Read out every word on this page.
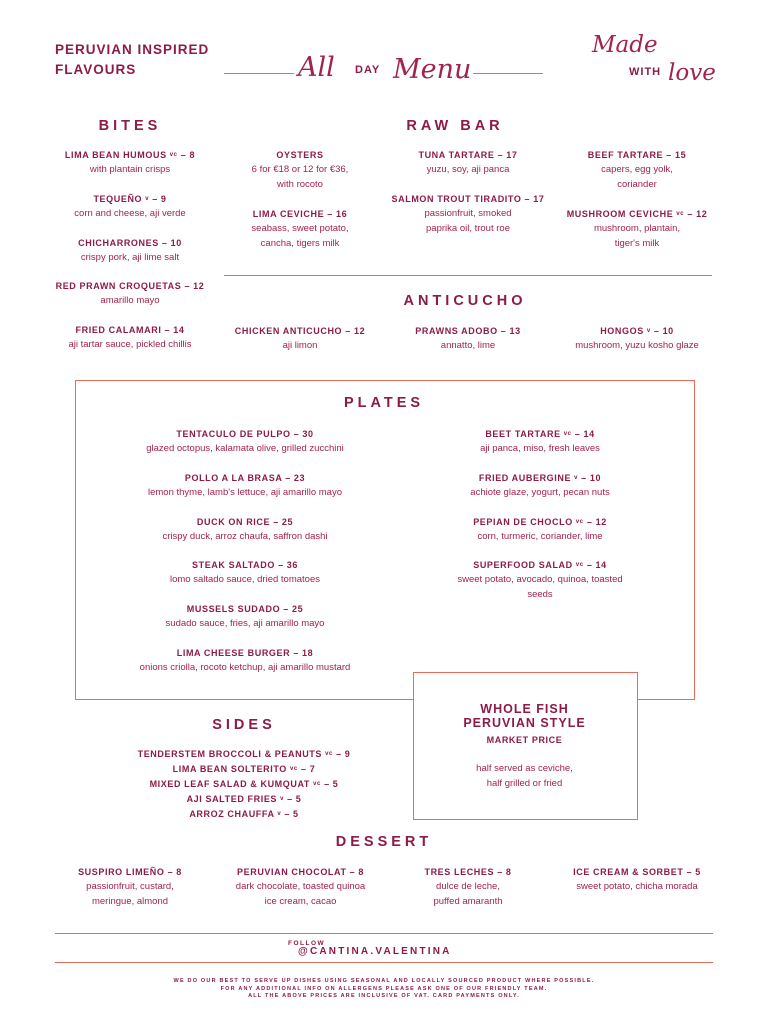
PERUVIAN INSPIRED
FLAVOURS	All DAY Menu
Made
WITH love
BITES
LIMA BEAN HUMOUS ᵛᶜ – 8
with plantain crisps
TEQUEÑO ᵛ – 9
corn and cheese, aji verde
CHICHARRONES – 10
crispy pork, aji lime salt
RED PRAWN CROQUETAS – 12
amarillo mayo
FRIED CALAMARI – 14
aji tartar sauce, pickled chillis
RAW BAR
OYSTERS
6 for €18 or 12 for €36,
with rocoto
LIMA CEVICHE – 16
seabass, sweet potato,
cancha, tigers milk
TUNA TARTARE – 17
yuzu, soy, aji panca
SALMON TROUT TIRADITO – 17
passionfruit, smoked
paprika oil, trout roe
BEEF TARTARE – 15
capers, egg yolk,
coriander
MUSHROOM CEVICHE ᵛᶜ – 12
mushroom, plantain,
tiger's milk
ANTICUCHO
CHICKEN ANTICUCHO – 12
aji limon
PRAWNS ADOBO – 13
annatto, lime
HONGOS ᵛ – 10
mushroom, yuzu kosho glaze
PLATES
TENTACULO DE PULPO – 30
glazed octopus, kalamata olive, grilled zucchini
POLLO A LA BRASA – 23
lemon thyme, lamb's lettuce, aji amarillo mayo
DUCK ON RICE – 25
crispy duck, arroz chaufa, saffron dashi
STEAK SALTADO – 36
lomo saltado sauce, dried tomatoes
MUSSELS SUDADO – 25
sudado sauce, fries, aji amarillo mayo
LIMA CHEESE BURGER – 18
onions criolla, rocoto ketchup, aji amarillo mustard
BEET TARTARE ᵛᶜ – 14
aji panca, miso, fresh leaves
FRIED AUBERGINE ᵛ – 10
achiote glaze, yogurt, pecan nuts
PEPIAN DE CHOCLO ᵛᶜ – 12
corn, turmeric, coriander, lime
SUPERFOOD SALAD ᵛᶜ – 14
sweet potato, avocado, quinoa, toasted
seeds
WHOLE FISH
PERUVIAN STYLE
MARKET PRICE
half served as ceviche,
half grilled or fried
SIDES
TENDERSTEM BROCCOLI & PEANUTS ᵛᶜ – 9
LIMA BEAN SOLTERITO ᵛᶜ – 7
MIXED LEAF SALAD & KUMQUAT ᵛᶜ – 5
AJI SALTED FRIES ᵛ – 5
ARROZ CHAUFFA ᵛ – 5
DESSERT
SUSPIRO LIMEÑO – 8
passionfruit, custard,
meringue, almond
PERUVIAN CHOCOLAT – 8
dark chocolate, toasted quinoa
ice cream, cacao
TRES LECHES – 8
dulce de leche,
puffed amaranth
ICE CREAM & SORBET – 5
sweet potato, chicha morada
FOLLOW
@CANTINA.VALENTINA
WE DO OUR BEST TO SERVE UP DISHES USING SEASONAL AND LOCALLY SOURCED PRODUCT WHERE POSSIBLE.
FOR ANY ADDITIONAL INFO ON ALLERGENS PLEASE ASK ONE OF OUR FRIENDLY TEAM.
ALL THE ABOVE PRICES ARE INCLUSIVE OF VAT. CARD PAYMENTS ONLY.
